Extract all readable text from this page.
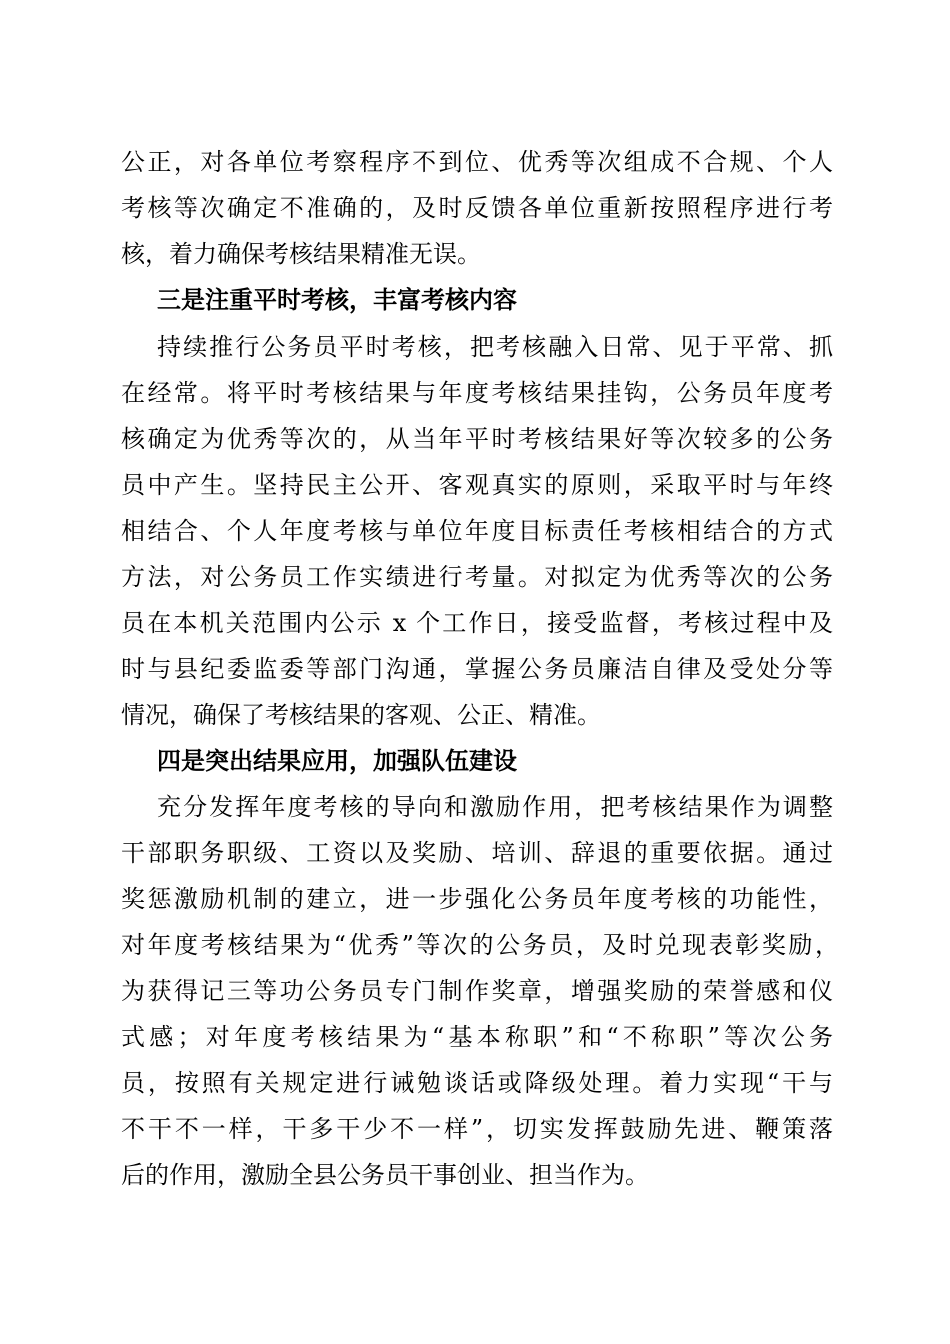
公正，对各单位考察程序不到位、优秀等次组成不合规、个人
考核等次确定不准确的，及时反馈各单位重新按照程序进行考
核，着力确保考核结果精准无误。
三是注重平时考核，丰富考核内容
持续推行公务员平时考核，把考核融入日常、见于平常、抓
在经常。将平时考核结果与年度考核结果挂钩，公务员年度考
核确定为优秀等次的，从当年平时考核结果好等次较多的公务
员中产生。坚持民主公开、客观真实的原则，采取平时与年终
相结合、个人年度考核与单位年度目标责任考核相结合的方式
方法，对公务员工作实绩进行考量。对拟定为优秀等次的公务
员在本机关范围内公示 x 个工作日，接受监督，考核过程中及
时与县纪委监委等部门沟通，掌握公务员廉洁自律及受处分等
情况，确保了考核结果的客观、公正、精准。
四是突出结果应用，加强队伍建设
充分发挥年度考核的导向和激励作用，把考核结果作为调整
干部职务职级、工资以及奖励、培训、辞退的重要依据。通过
奖惩激励机制的建立，进一步强化公务员年度考核的功能性，
对年度考核结果为“优秀”等次的公务员，及时兑现表彰奖励，
为获得记三等功公务员专门制作奖章，增强奖励的荣誉感和仪
式感；对年度考核结果为“基本称职”和“不称职”等次公务
员，按照有关规定进行诫勉谈话或降级处理。着力实现“干与
不干不一样，干多干少不一样”，切实发挥鼓励先进、鞭策落
后的作用，激励全县公务员干事创业、担当作为。
